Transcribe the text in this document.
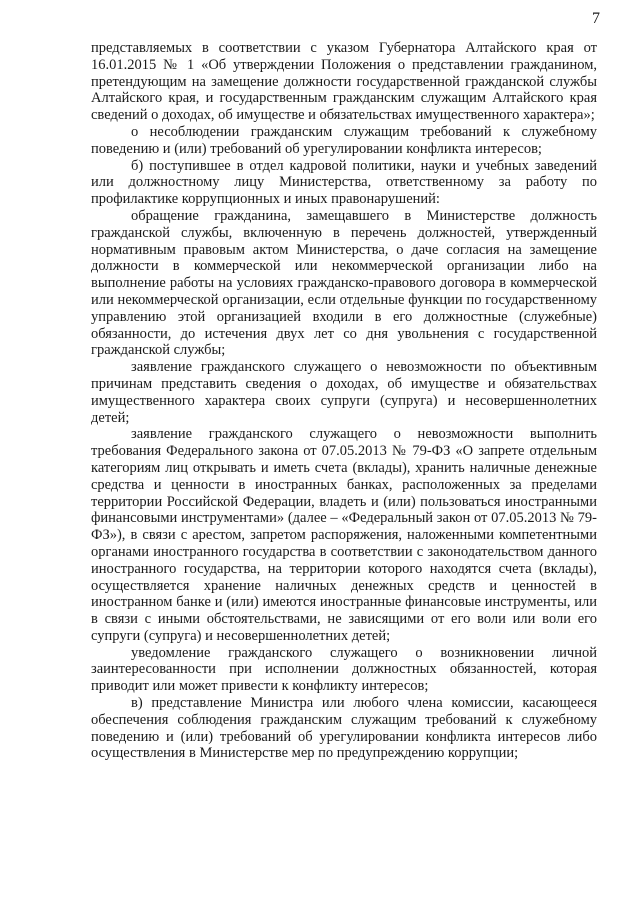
7

представляемых в соответствии с указом Губернатора Алтайского края от 16.01.2015 № 1 «Об утверждении Положения о представлении гражданином, претендующим на замещение должности государственной гражданской службы Алтайского края, и государственным гражданским служащим Алтайского края сведений о доходах, об имуществе и обязательствах имущественного характера»;

о несоблюдении гражданским служащим требований к служебному поведению и (или) требований об урегулировании конфликта интересов;

б) поступившее в отдел кадровой политики, науки и учебных заведений или должностному лицу Министерства, ответственному за работу по профилактике коррупционных и иных правонарушений:

обращение гражданина, замещавшего в Министерстве должность гражданской службы, включенную в перечень должностей, утвержденный нормативным правовым актом Министерства, о даче согласия на замещение должности в коммерческой или некоммерческой организации либо на выполнение работы на условиях гражданско-правового договора в коммерческой или некоммерческой организации, если отдельные функции по государственному управлению этой организацией входили в его должностные (служебные) обязанности, до истечения двух лет со дня увольнения с государственной гражданской службы;

заявление гражданского служащего о невозможности по объективным причинам представить сведения о доходах, об имуществе и обязательствах имущественного характера своих супруги (супруга) и несовершеннолетних детей;

заявление гражданского служащего о невозможности выполнить требования Федерального закона от 07.05.2013 № 79-ФЗ «О запрете отдельным категориям лиц открывать и иметь счета (вклады), хранить наличные денежные средства и ценности в иностранных банках, расположенных за пределами территории Российской Федерации, владеть и (или) пользоваться иностранными финансовыми инструментами» (далее – «Федеральный закон от 07.05.2013 № 79-ФЗ»), в связи с арестом, запретом распоряжения, наложенными компетентными органами иностранного государства в соответствии с законодательством данного иностранного государства, на территории которого находятся счета (вклады), осуществляется хранение наличных денежных средств и ценностей в иностранном банке и (или) имеются иностранные финансовые инструменты, или в связи с иными обстоятельствами, не зависящими от его воли или воли его супруги (супруга) и несовершеннолетних детей;

уведомление гражданского служащего о возникновении личной заинтересованности при исполнении должностных обязанностей, которая приводит или может привести к конфликту интересов;

в) представление Министра или любого члена комиссии, касающееся обеспечения соблюдения гражданским служащим требований к служебному поведению и (или) требований об урегулировании конфликта интересов либо осуществления в Министерстве мер по предупреждению коррупции;
